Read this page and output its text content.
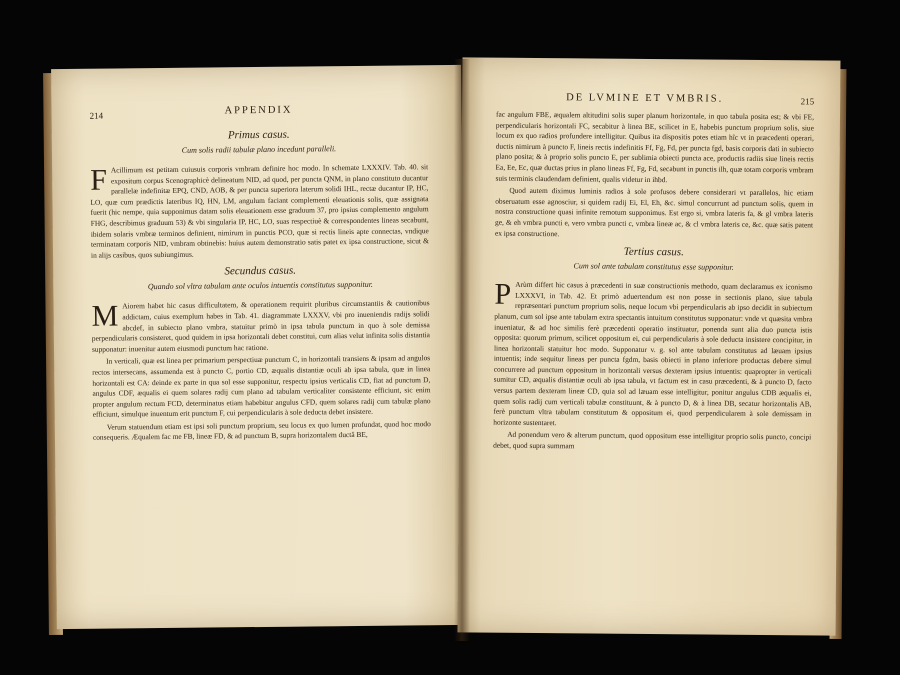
214	APPENDIX
Primus casus.
Cum solis radii tabulæ plano incedunt paralleli.

F Acillimum est petitam cuiusuis corporis vmbram definire hoc modo. In schemate LXXXIV. Tab. 40. sit expositum corpus Scenographicè delineatum NID, ad quod, per puncta QNM, in plano constituto ducantur parallelæ indefinitæ EPQ, CND, AOB, & per puncta superiora laterum solidi IHL, rectæ ducantur IP, HC, LO, quæ cum prædictis lateribus IQ, HN, LM, angulum faciant complementi eleuationis solis, quæ assignata fuerit (hic nempe, quia supponimus datam solis eleuationem esse graduum 37, pro ipsius complemento angulum FHG, describimus graduum 53) & vbi singularia IP, HC, LO, suas respectiuè & correspondentes lineas secabunt, ibidem solaris vmbræ terminos definient, nimirum in punctis PCO, quæ si rectis lineis apte connectas, vndique terminatam corporis NID, vmbram obtinebis: huius autem demonstratio satis patet ex ipsa constructione, sicut & in alijs casibus, quos subiungimus.

Secundus casus.
Quando sol vltra tabulam ante oculos intuentis constitutus supponitur.

M Aiorem habet hic casus difficultatem, & operationem requirit pluribus circumstantiis & cautionibus addictam, cuius exemplum habes in Tab. 41. diagrammate LXXXV, vbi pro inueniendis radijs solidi abcdef, in subiecto plano vmbra, statuitur primò in ipsa tabula punctum in quo à sole demissa perpendicularis consisteret, quod quidem in ipsa horizontali debet constitui, cum alias velut infinita solis distantia supponatur: inuenitur autem eiusmodi punctum hac ratione.

In verticali, quæ est linea per primarium perspectiuæ punctum C, in horizontali transiens & ipsam ad angulos rectos intersecans, assumenda est à puncto C, portio CD, æqualis distantiæ oculi ab ipsa tabula, quæ in linea horizontali est CA: deinde ex parte in qua sol esse supponitur, respectu ipsius verticalis CD, fiat ad punctum D, angulus CDF, æqualis ei quem solares radij cum plano ad tabulam verticaliter consistente efficiunt, sic enim propter angulum rectum FCD, determinatus etiam habebitur angulus CFD, quem solares radij cum tabulæ plano efficiunt, simulque inuentum erit punctum F, cui perpendicularis à sole deducta debet insistere.

Verum statuendum etiam est ipsi soli punctum proprium, seu locus ex quo lumen profundat, quod hoc modo consequeris. Æqualem fac me FB, lineæ FD, & ad punctum B, supra horizontalem ductâ BE,

DE LVMINE ET VMBRIS.	215

fac angulum FBE, æqualem altitudini solis super planum horizontale, in quo tabula posita est; & vbi FE, perpendicularis horizontali FC, secabitur à linea BE, scilicet in E, habebis punctum proprium solis, siue locum ex quo radios profundere intelligitur. Quibus ita dispositis potes etiam hîc vt in præcedenti operari, ductis nimirum à puncto F, lineis rectis indefinitis Ff, Fg, Fd, per puncta fgd, basis corporis dati in subiecto plano posita; & à proprio solis puncto E, per sublimia obiecti puncta ace, productis radiis siue lineis rectis Ea, Ee, Ec, quæ ductas prius in plano lineas Ff, Fg, Fd, secabunt in punctis ilh, quæ totam corporis vmbram suis terminis claudendam definient, qualis videtur in ihbd.

Quod autem diximus luminis radios à sole profusos debere considerari vt parallelos, hic etiam obseruatum esse agnosciur, si quidem radij Ei, El, Eh, &c. simul concurrunt ad punctum solis, quem in nostra constructione quasi infinite remotum supponimus. Est ergo si, vmbra lateris fa, & gl vmbra lateris ge, & eh vmbra puncti e, vero vmbra puncti c, vmbra lineæ ac, & cl vmbra lateris ce, &c. quæ satis patent ex ipsa constructione.

Tertius casus.
Cum sol ante tabulam constitutus esse supponitur.

P Arùm differt hic casus à præcedenti in suæ constructionis methodo, quam declaramus ex iconismo LXXXVI, in Tab. 42. Et primò aduertendum est non posse in sectionis plano, siue tabula repræsentari punctum proprium solis, neque locum vbi perpendicularis ab ipso decidit in subiectum planum, cum sol ipse ante tabulam extra spectantis intuitum constitutus supponatur: vnde vt quæsita vmbra inueniatur, & ad hoc similis ferè præcedenti operatio instituatur, ponenda sunt alia duo puncta istis opposita: quorum primum, scilicet oppositum ei, cui perpendicularis à sole deducta insistere concipitur, in linea horizontali statuitur hoc modo. Supponatur v. g. sol ante tabulam constitutus ad læuam ipsius intuentis; inde sequitur lineas per puncta fgdm, basis obiecti in plano inferiore productas debere simul concurrere ad punctum oppositum in horizontali versus dexteram ipsius intuentis: quapropter in verticali sumitur CD, æqualis distantiæ oculi ab ipsa tabula, vt factum est in casu præcedenti, & à puncto D, facto versus partem dexteram lineæ CD, quia sol ad læuam esse intelligitur, ponitur angulus CDB æqualis ei, quem solis radij cum verticali tabulæ constituunt, & à puncto D, & à linea DB, secatur horizontalis AB, ferè punctum vltra tabulam constitutum & oppositum ei, quod perpendicularem à sole demissam in horizonte sustentaret.

Ad ponendum vero & alterum punctum, quod oppositum esse intelligitur proprio solis puncto, concipi debet, quod supra summam
